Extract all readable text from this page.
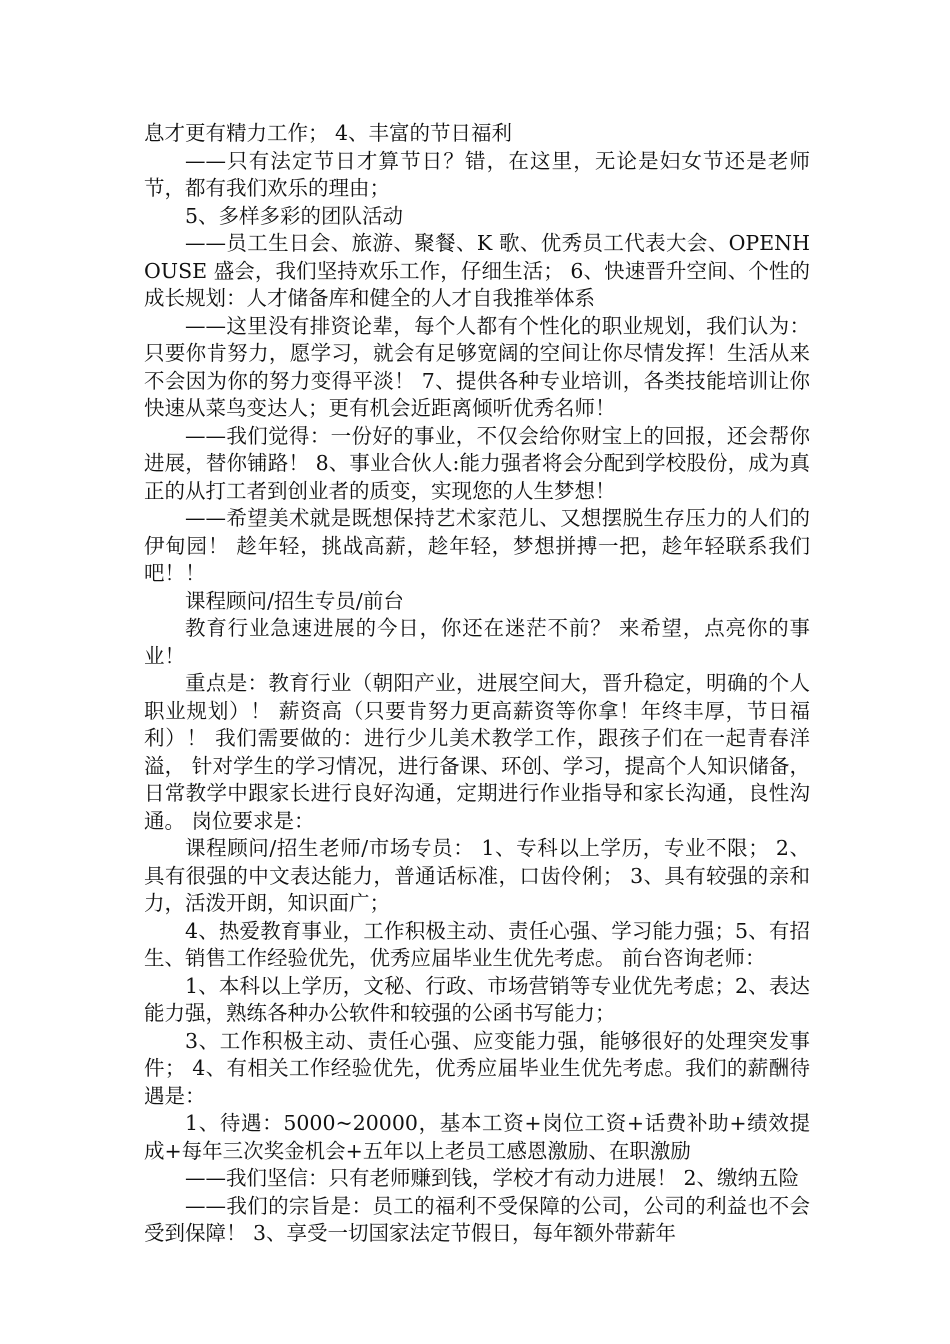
息才更有精力工作； 4、丰富的节日福利

——只有法定节日才算节日？错，在这里，无论是妇女节还是老师节，都有我们欢乐的理由；

5、多样多彩的团队活动

——员工生日会、旅游、聚餐、K 歌、优秀员工代表大会、OPENHOUSE 盛会，我们坚持欢乐工作，仔细生活； 6、快速晋升空间、个性的成长规划：人才储备库和健全的人才自我推举体系

——这里没有排资论辈，每个人都有个性化的职业规划，我们认为：只要你肯努力，愿学习，就会有足够宽阔的空间让你尽情发挥！生活从来不会因为你的努力变得平淡！ 7、提供各种专业培训，各类技能培训让你快速从菜鸟变达人；更有机会近距离倾听优秀名师！

——我们觉得：一份好的事业，不仅会给你财宝上的回报，还会帮你进展，替你铺路！ 8、事业合伙人:能力强者将会分配到学校股份，成为真正的从打工者到创业者的质变，实现您的人生梦想！

——希望美术就是既想保持艺术家范儿、又想摆脱生存压力的人们的伊甸园！ 趁年轻，挑战高薪，趁年轻，梦想拼搏一把，趁年轻联系我们吧！！

课程顾问/招生专员/前台

教育行业急速进展的今日，你还在迷茫不前？ 来希望，点亮你的事业！

重点是：教育行业（朝阳产业，进展空间大，晋升稳定，明确的个人职业规划）！ 薪资高（只要肯努力更高薪资等你拿！年终丰厚，节日福利）！ 我们需要做的：进行少儿美术教学工作，跟孩子们在一起青春洋溢， 针对学生的学习情况，进行备课、环创、学习，提高个人知识储备， 日常教学中跟家长进行良好沟通，定期进行作业指导和家长沟通，良性沟通。 岗位要求是：

课程顾问/招生老师/市场专员： 1、专科以上学历，专业不限； 2、具有很强的中文表达能力，普通话标准，口齿伶俐； 3、具有较强的亲和力，活泼开朗，知识面广；

4、热爱教育事业，工作积极主动、责任心强、学习能力强；5、有招生、销售工作经验优先，优秀应届毕业生优先考虑。 前台咨询老师：

1、本科以上学历，文秘、行政、市场营销等专业优先考虑；2、表达能力强，熟练各种办公软件和较强的公函书写能力；

3、工作积极主动、责任心强、应变能力强，能够很好的处理突发事件； 4、有相关工作经验优先，优秀应届毕业生优先考虑。我们的薪酬待遇是：

1、待遇：5000~20000，基本工资+岗位工资+话费补助+绩效提成+每年三次奖金机会+五年以上老员工感恩激励、在职激励

——我们坚信：只有老师赚到钱，学校才有动力进展！ 2、缴纳五险

——我们的宗旨是：员工的福利不受保障的公司，公司的利益也不会受到保障！ 3、享受一切国家法定节假日，每年额外带薪年
